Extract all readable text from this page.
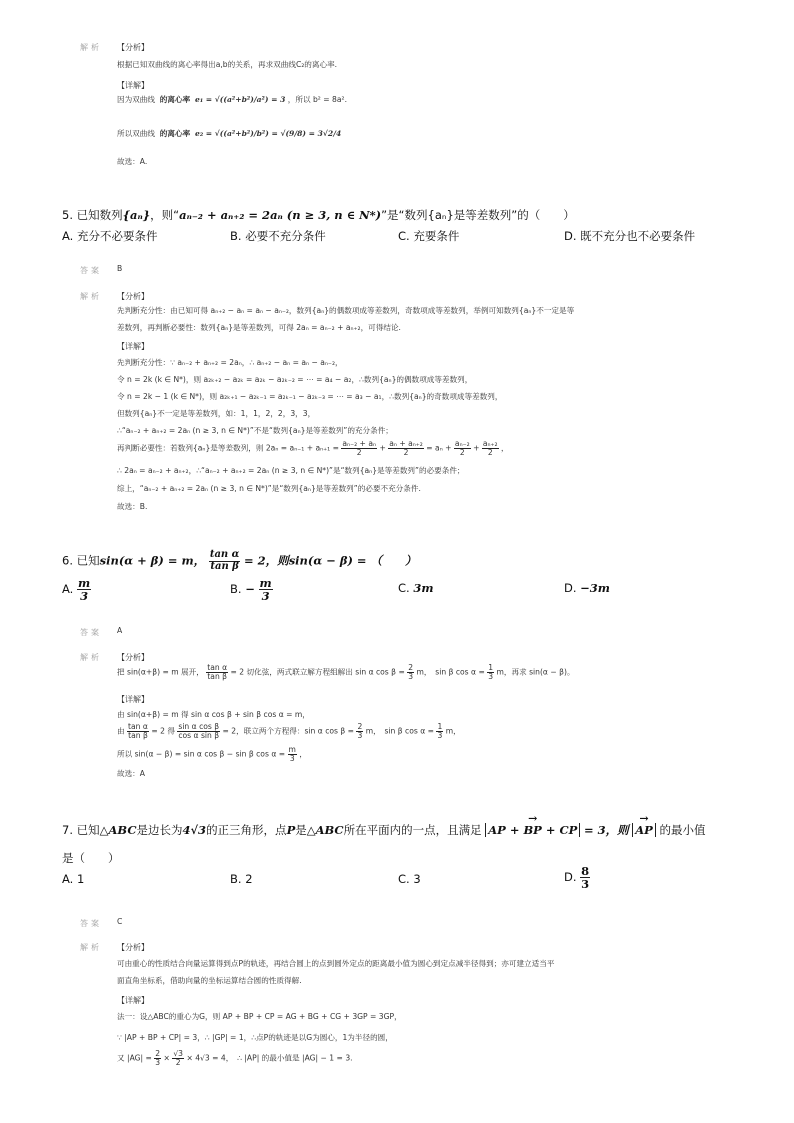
解析 【分析】
根据已知双曲线的离心率得出a,b的关系，再求双曲线C₂的离心率.
【详解】
因为双曲线 的离心率 e₁ = √((a²+b²)/a²) = 3 ，所以 b² = 8a².
所以双曲线 的离心率 e₂ = √((a²+b²)/b²) = √(9/8) = 3√2/4
故选：A.
5. 已知数列{aₙ}，则“aₙ₋₂ + aₙ₊₂ = 2aₙ (n ≥ 3, n ∈ N*)”是“数列{aₙ}是等差数列”的（　　）
A. 充分不必要条件	B. 必要不充分条件	C. 充要条件	D. 既不充分也不必要条件
答案 B
解析 【分析】
先判断充分性：由已知可得 aₙ₊₂ − aₙ = aₙ − aₙ₋₂，数列{aₙ}的偶数项成等差数列，奇数项成等差数列，举例可知数列{aₙ}不一定是等
差数列，再判断必要性：数列{aₙ}是等差数列，可得 2aₙ = aₙ₋₂ + aₙ₊₂，可得结论.
【详解】
先判断充分性：∵ aₙ₋₂ + aₙ₊₂ = 2aₙ，∴ aₙ₊₂ − aₙ = aₙ − aₙ₋₂，
令 n = 2k (k ∈ N*)，则 a₂ₖ₊₂ − a₂ₖ = a₂ₖ − a₂ₖ₋₂ = ⋯ = a₄ − a₂，∴数列{aₙ}的偶数项成等差数列，
令 n = 2k − 1 (k ∈ N*)，则 a₂ₖ₊₁ − a₂ₖ₋₁ = a₂ₖ₋₁ − a₂ₖ₋₃ = ⋯ = a₃ − a₁，∴数列{aₙ}的奇数项成等差数列，
但数列{aₙ}不一定是等差数列，如：1，1，2，2，3，3，
∴“aₙ₋₂ + aₙ₊₂ = 2aₙ (n ≥ 3, n ∈ N*)”不是“数列{aₙ}是等差数列”的充分条件；
再判断必要性：若数列{aₙ}是等差数列，则 $2a_n = a_{n-1} + a_{n+1} = \frac{\text{aₙ₋₂ + aₙ}}{2} + \frac{\text{aₙ + aₙ₊₂}}{2} = a_n + \frac{\text{aₙ₋₂}}{2} + \frac{\text{aₙ₊₂}}{2}$ ，
∴ 2aₙ = aₙ₋₂ + aₙ₊₂，∴“aₙ₋₂ + aₙ₊₂ = 2aₙ (n ≥ 3, n ∈ N*)”是“数列{aₙ}是等差数列”的必要条件；
综上，“aₙ₋₂ + aₙ₊₂ = 2aₙ (n ≥ 3, n ∈ N*)”是“数列{aₙ}是等差数列”的必要不充分条件.
故选：B.
6. 已知sin(α + β) = m， $\frac{\text{tan α}}{\text{tan β}} = 2$，则sin(α − β) = （　　）
A. $\frac{m}{3}$	B. − $\frac{m}{3}$	C. 3m	D. −3m
答案 A
解析 【分析】
把 sin(α+β) = m 展开， $\frac{\text{tan α}}{\text{tan β}} = 2$ 切化弦，两式联立解方程组解出 sin α $\cos \beta = \frac{2}{3}$ m，　sin β $\cos \alpha = \frac{1}{3}$ m，再求 sin(α − β)。
【详解】
由 sin(α+β) = m 得 sin α cos β + sin β cos α = m，
由 $\frac{\text{tan α}}{\text{tan β}} = 2$ 得 $\frac{\text{sin α cos β}}{\text{cos α sin β}} = 2$，联立两个方程得：sin α $\cos \beta = \frac{2}{3}$ m，　sin β $\cos \alpha = \frac{1}{3}$ m，
所以 sin(α − β) = sin α cos β − sin β $\cos \alpha = \frac{m}{3}$ ，
故选：A
7. 已知△ABC是边长为4√3的正三角形，点P是△ABC所在平面内的一点，且满足 → AP + BP + CP = 3，则 → AP 的最小值
是（　　）
A. 1	B. 2	C. 3	D. $\frac{8}{3}$
答案 C
解析 【分析】
可由重心的性质结合向量运算得到点P的轨迹，再结合圆上的点到圆外定点的距离最小值为圆心到定点减半径得到；亦可建立适当平
面直角坐标系，借助向量的坐标运算结合圆的性质得解.
【详解】
法一：设△ABC的重心为G，则 AP + BP + CP = AG + BG + CG + 3GP = 3GP，
∵ |AP + BP + CP| = 3，∴ |GP| = 1，∴点P的轨迹是以G为圆心，1为半径的圆，
又 $|AG| = \frac{2}{3} \times \frac{√3}{2} \times 4√3 = 4$，　∴ |AP| 的最小值是 |AG| − 1 = 3.
